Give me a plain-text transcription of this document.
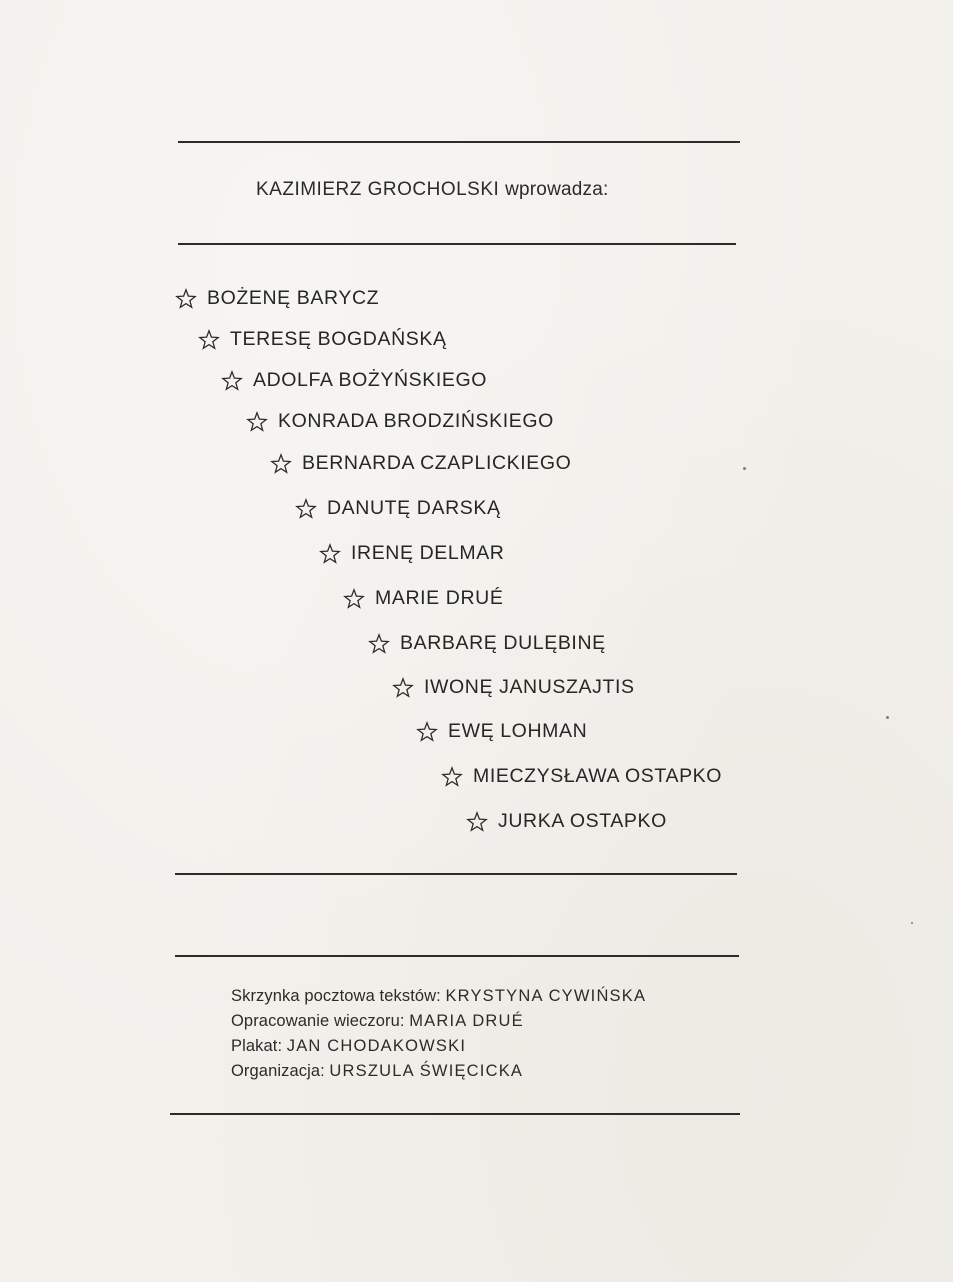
KAZIMIERZ GROCHOLSKI wprowadza:
BOŻENĘ BARYCZ
TERESĘ BOGDAŃSKĄ
ADOLFA BOŻYŃSKIEGO
KONRADA BRODZIŃSKIEGO
BERNARDA CZAPLICKIEGO
DANUTĘ DARSKĄ
IRENĘ DELMAR
MARIE DRUÉ
BARBARĘ DULĘBINĘ
IWONĘ JANUSZAJTIS
EWĘ LOHMAN
MIECZYSŁAWA OSTAPKO
JURKA OSTAPKO
Skrzynka pocztowa tekstów: KRYSTYNA CYWIŃSKA
Opracowanie wieczoru: MARIA DRUÉ
Plakat: JAN CHODAKOWSKI
Organizacja: URSZULA ŚWIĘCICKA
